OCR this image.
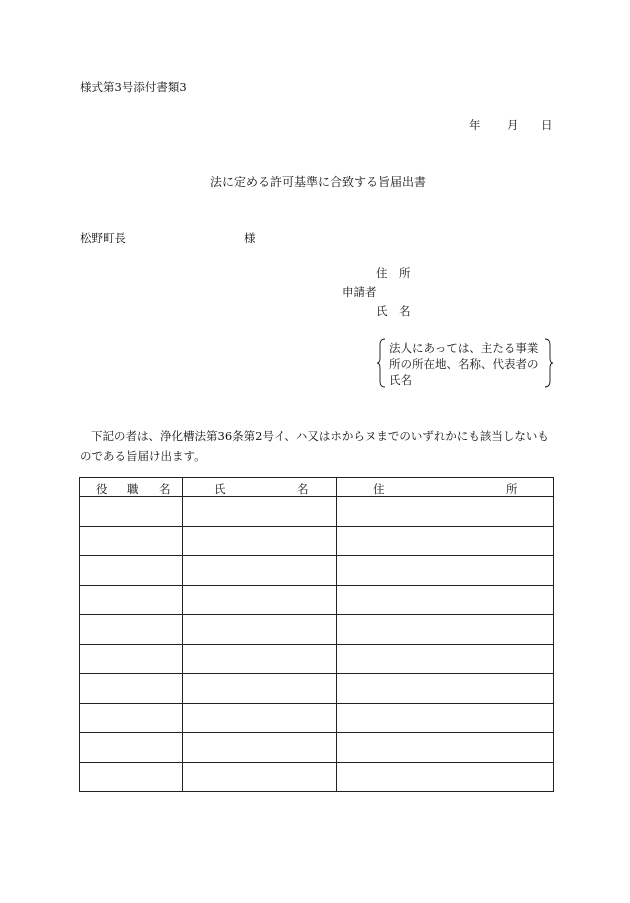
様式第3号添付書類3
年 月 日
法に定める許可基準に合致する旨届出書
松野町長	様
住　所
申請者
氏　名
法人にあっては、主たる事業所の所在地、名称、代表者の氏名
下記の者は、浄化槽法第36条第2号イ、ハ又はホからヌまでのいずれかにも該当しないものである旨届け出ます。
役 職 名	氏 名	住 所
